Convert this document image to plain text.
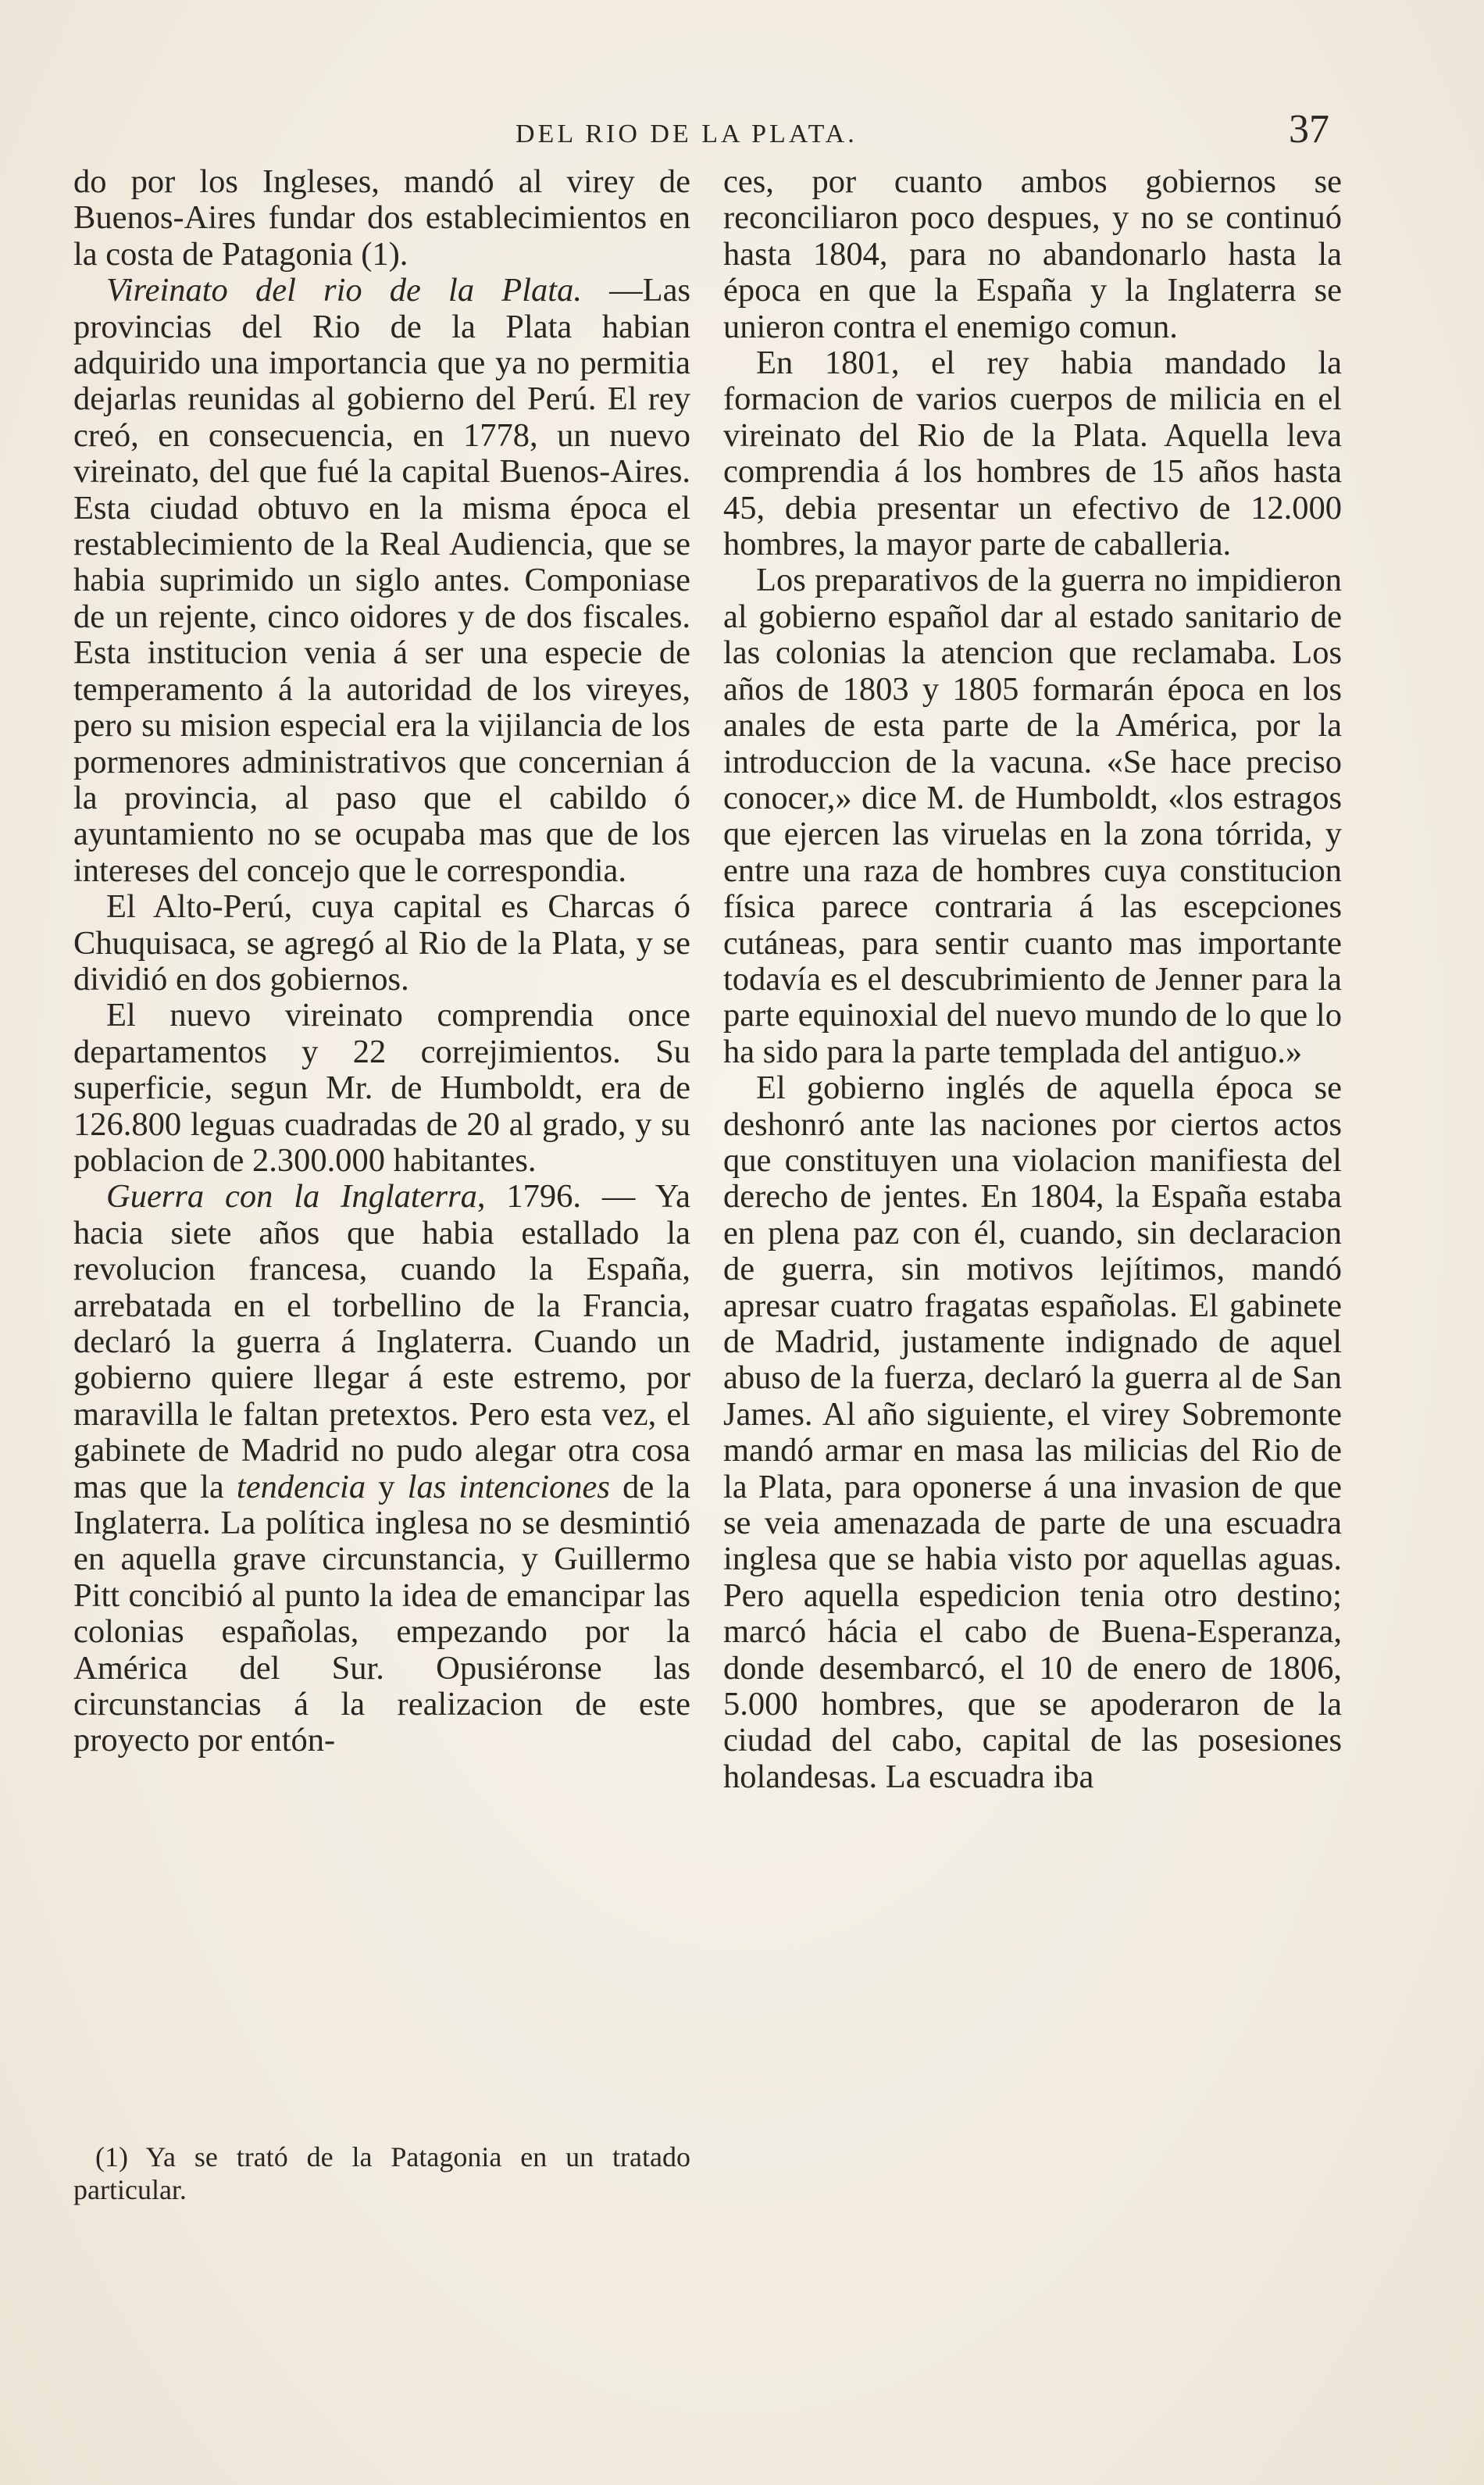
DEL RIO DE LA PLATA.	37

do por los Ingleses, mandó al virey de Buenos-Aires fundar dos establecimientos en la costa de Patagonia (1).

Vireinato del rio de la Plata. —Las provincias del Rio de la Plata habian adquirido una importancia que ya no permitia dejarlas reunidas al gobierno del Perú. El rey creó, en consecuencia, en 1778, un nuevo vireinato, del que fué la capital Buenos-Aires. Esta ciudad obtuvo en la misma época el restablecimiento de la Real Audiencia, que se habia suprimido un siglo antes. Componiase de un rejente, cinco oidores y de dos fiscales. Esta institucion venia á ser una especie de temperamento á la autoridad de los vireyes, pero su mision especial era la vijilancia de los pormenores administrativos que concernian á la provincia, al paso que el cabildo ó ayuntamiento no se ocupaba mas que de los intereses del concejo que le correspondia.

El Alto-Perú, cuya capital es Charcas ó Chuquisaca, se agregó al Rio de la Plata, y se dividió en dos gobiernos.

El nuevo vireinato comprendia once departamentos y 22 correjimientos. Su superficie, segun Mr. de Humboldt, era de 126.800 leguas cuadradas de 20 al grado, y su poblacion de 2.300.000 habitantes.

Guerra con la Inglaterra, 1796. — Ya hacia siete años que habia estallado la revolucion francesa, cuando la España, arrebatada en el torbellino de la Francia, declaró la guerra á Inglaterra. Cuando un gobierno quiere llegar á este estremo, por maravilla le faltan pretextos. Pero esta vez, el gabinete de Madrid no pudo alegar otra cosa mas que la tendencia y las intenciones de la Inglaterra. La política inglesa no se desmintió en aquella grave circunstancia, y Guillermo Pitt concibió al punto la idea de emancipar las colonias españolas, empezando por la América del Sur. Opusiéronse las circunstancias á la realizacion de este proyecto por entón-

(1) Ya se trató de la Patagonia en un tratado particular.

ces, por cuanto ambos gobiernos se reconciliaron poco despues, y no se continuó hasta 1804, para no abandonarlo hasta la época en que la España y la Inglaterra se unieron contra el enemigo comun.

En 1801, el rey habia mandado la formacion de varios cuerpos de milicia en el vireinato del Rio de la Plata. Aquella leva comprendia á los hombres de 15 años hasta 45, debia presentar un efectivo de 12.000 hombres, la mayor parte de caballeria.

Los preparativos de la guerra no impidieron al gobierno español dar al estado sanitario de las colonias la atencion que reclamaba. Los años de 1803 y 1805 formarán época en los anales de esta parte de la América, por la introduccion de la vacuna. «Se hace preciso conocer,» dice M. de Humboldt, «los estragos que ejercen las viruelas en la zona tórrida, y entre una raza de hombres cuya constitucion física parece contraria á las escepciones cutáneas, para sentir cuanto mas importante todavía es el descubrimiento de Jenner para la parte equinoxial del nuevo mundo de lo que lo ha sido para la parte templada del antiguo.»

El gobierno inglés de aquella época se deshonró ante las naciones por ciertos actos que constituyen una violacion manifiesta del derecho de jentes. En 1804, la España estaba en plena paz con él, cuando, sin declaracion de guerra, sin motivos lejítimos, mandó apresar cuatro fragatas españolas. El gabinete de Madrid, justamente indignado de aquel abuso de la fuerza, declaró la guerra al de San James. Al año siguiente, el virey Sobremonte mandó armar en masa las milicias del Rio de la Plata, para oponerse á una invasion de que se veia amenazada de parte de una escuadra inglesa que se habia visto por aquellas aguas. Pero aquella espedicion tenia otro destino; marcó hácia el cabo de Buena-Esperanza, donde desembarcó, el 10 de enero de 1806, 5.000 hombres, que se apoderaron de la ciudad del cabo, capital de las posesiones holandesas. La escuadra iba
